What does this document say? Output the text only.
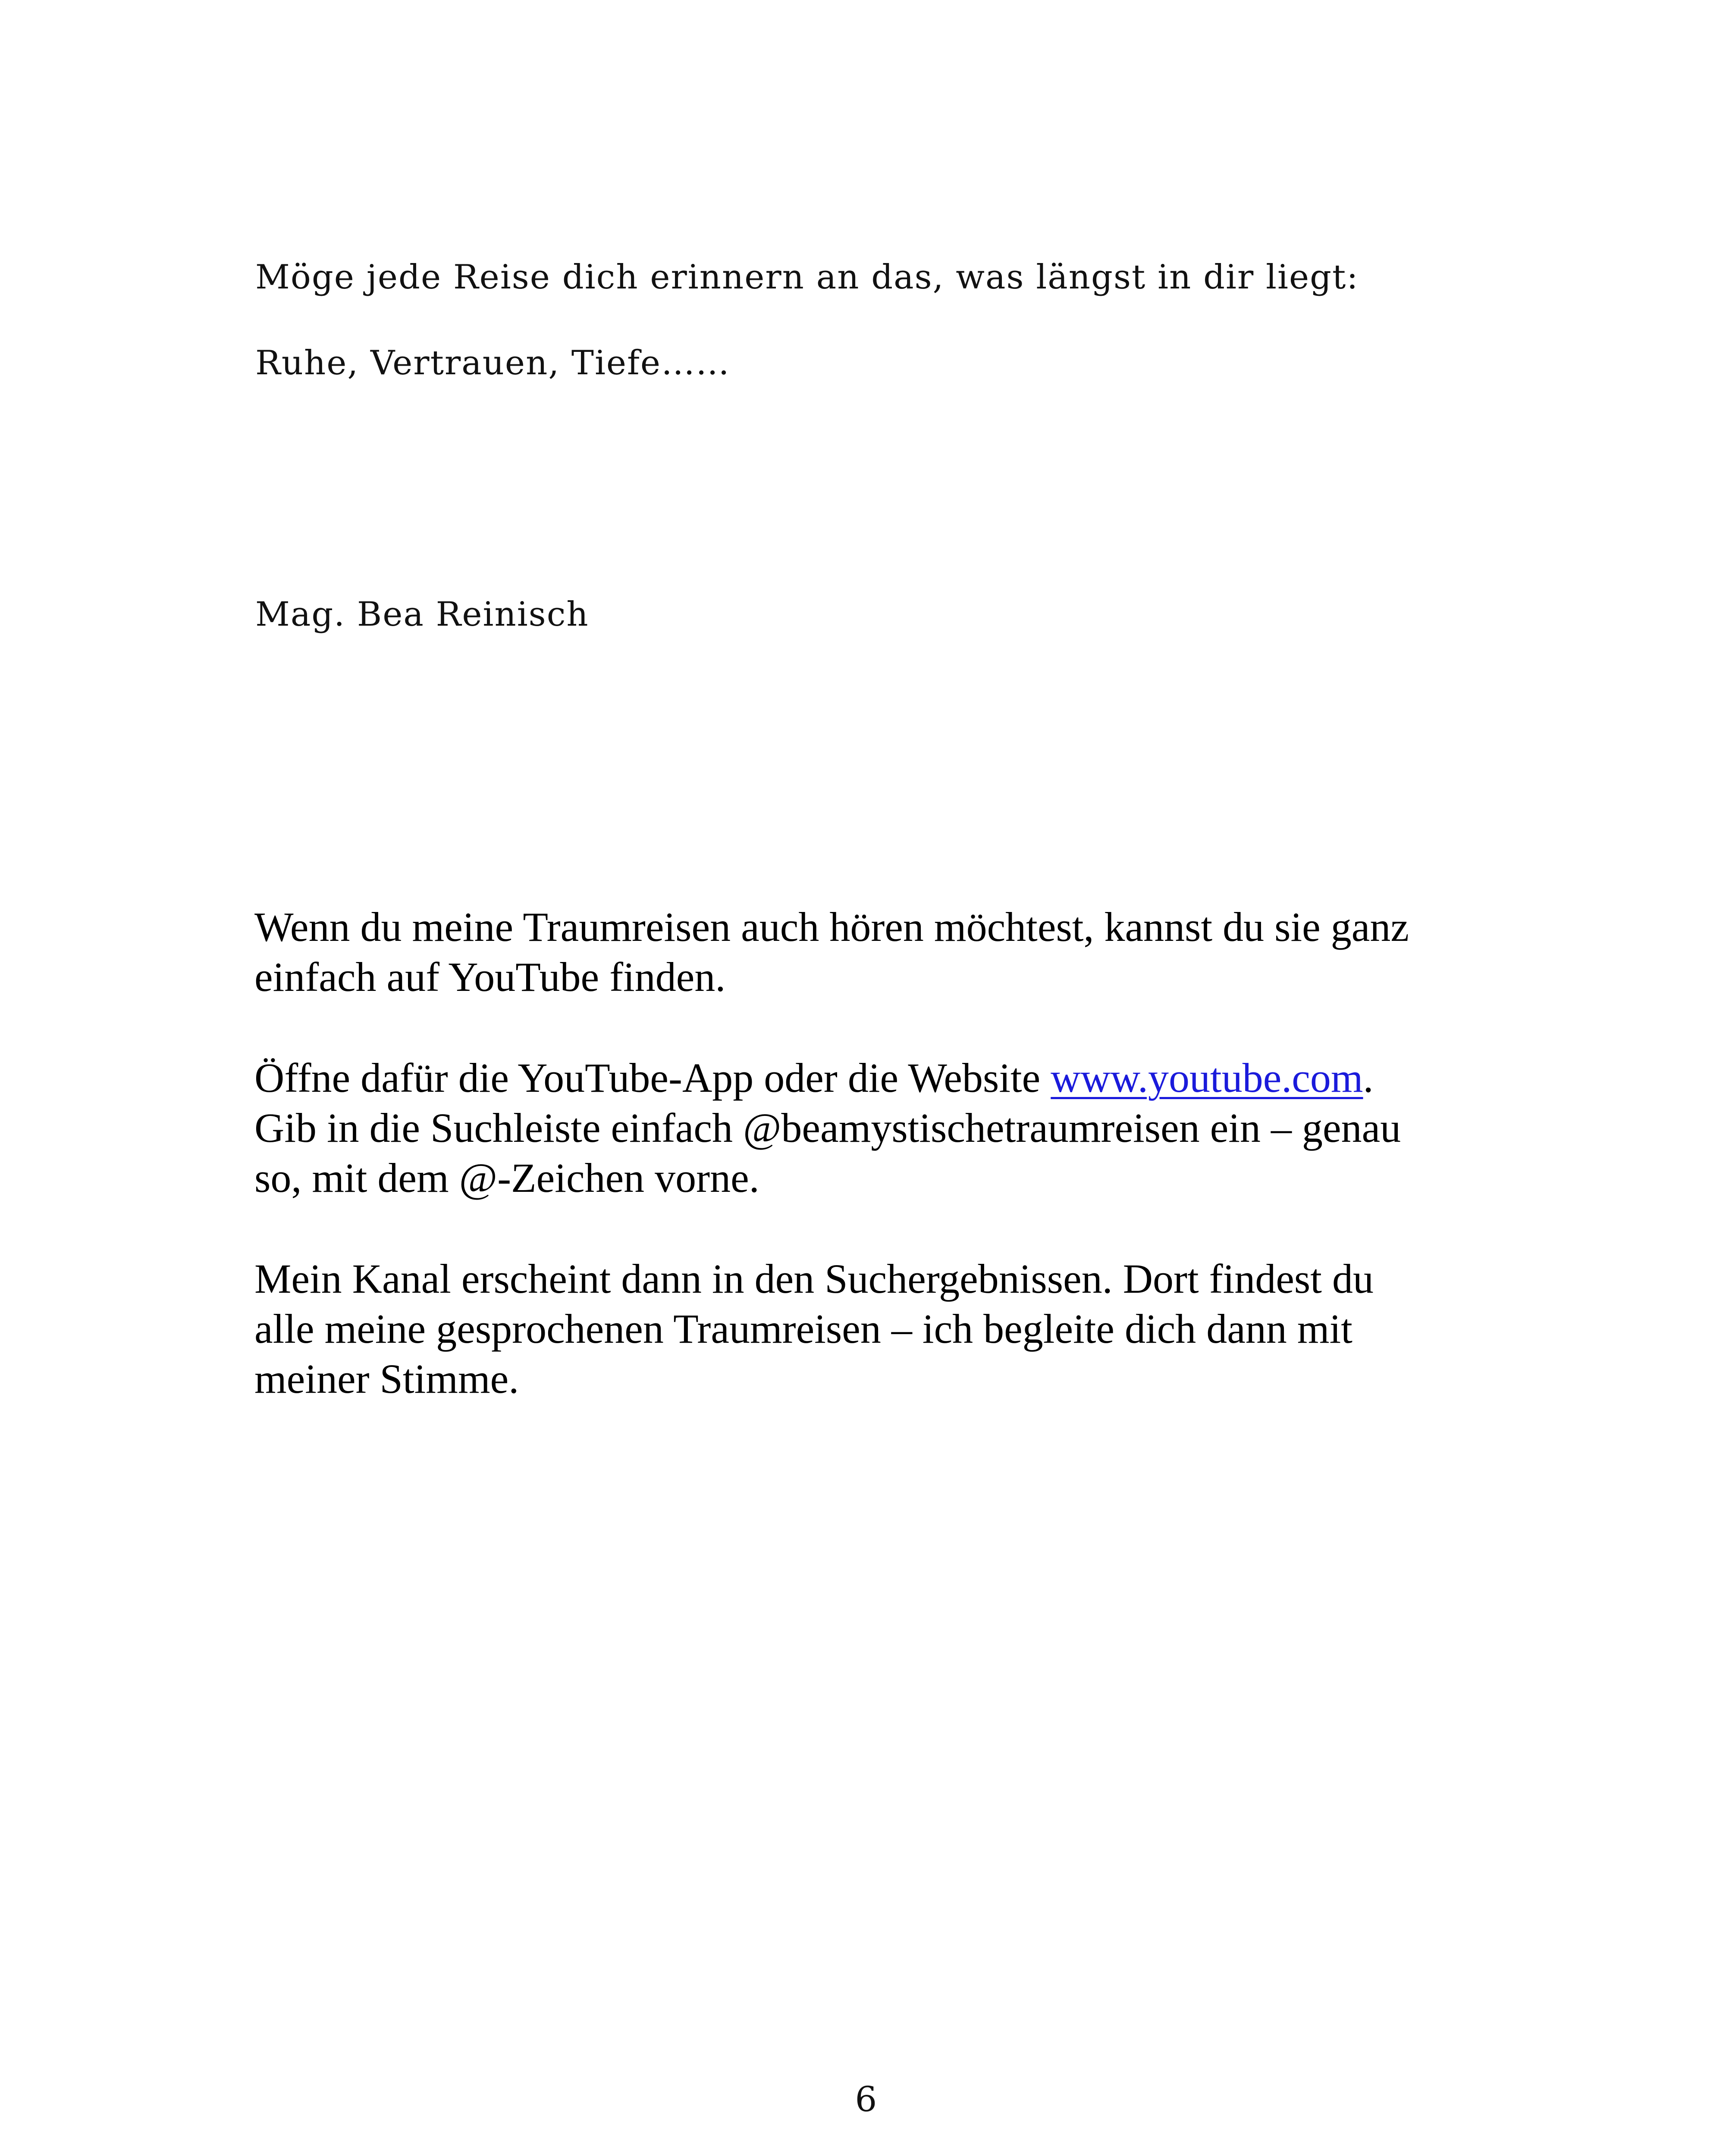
Möge jede Reise dich erinnern an das, was längst in dir liegt:

Ruhe, Vertrauen, Tiefe……

Mag. Bea Reinisch

Wenn du meine Traumreisen auch hören möchtest, kannst du sie ganz
einfach auf YouTube finden.

Öffne dafür die YouTube-App oder die Website www.youtube.com.
Gib in die Suchleiste einfach @beamystischetraumreisen ein – genau
so, mit dem @-Zeichen vorne.

Mein Kanal erscheint dann in den Suchergebnissen. Dort findest du
alle meine gesprochenen Traumreisen – ich begleite dich dann mit
meiner Stimme.

6
